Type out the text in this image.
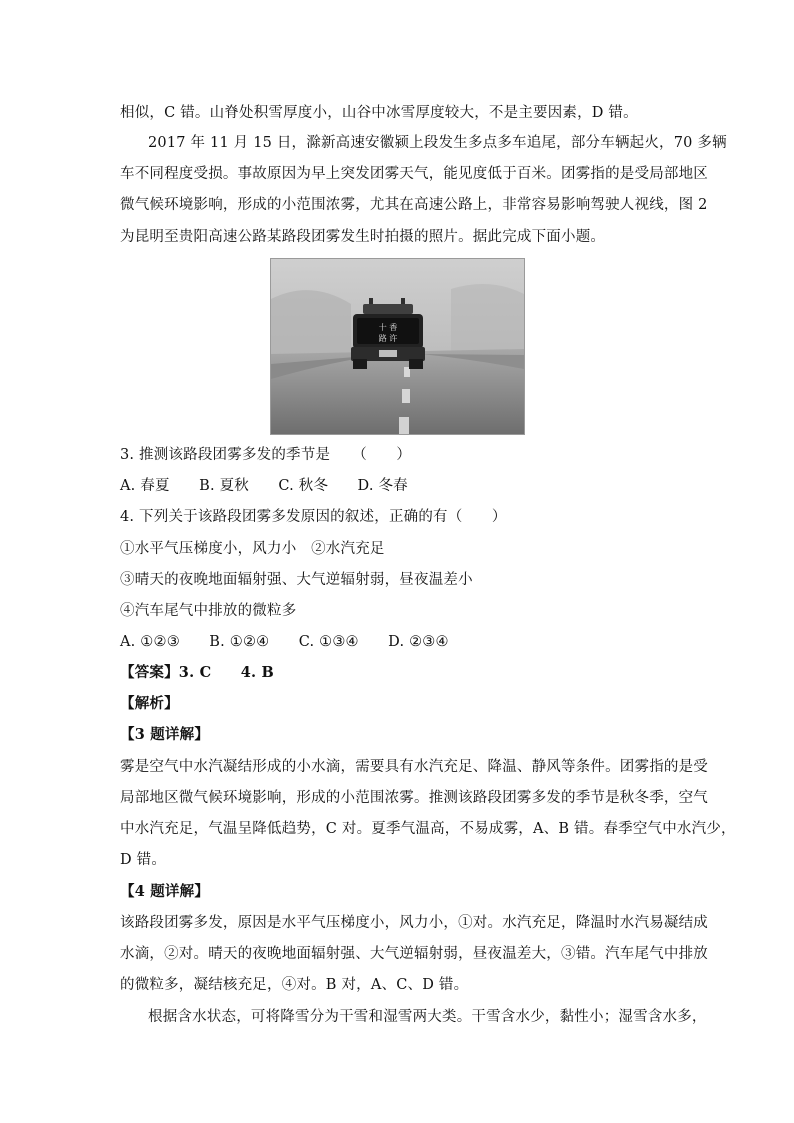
相似，C 错。山脊处积雪厚度小，山谷中冰雪厚度较大，不是主要因素，D 错。
2017 年 11 月 15 日，滁新高速安徽颍上段发生多点多车追尾，部分车辆起火，70 多辆
车不同程度受损。事故原因为早上突发团雾天气，能见度低于百米。团雾指的是受局部地区
微气候环境影响，形成的小范围浓雾，尤其在高速公路上，非常容易影响驾驶人视线，图 2
为昆明至贵阳高速公路某路段团雾发生时拍摄的照片。据此完成下面小题。
十 香
路 许
3. 推测该路段团雾多发的季节是　　（　　）
A. 春夏　　B. 夏秋　　C. 秋冬　　D. 冬春
4. 下列关于该路段团雾多发原因的叙述，正确的有（　　）
①水平气压梯度小，风力小　②水汽充足
③晴天的夜晚地面辐射强、大气逆辐射弱，昼夜温差小
④汽车尾气中排放的微粒多
A. ①②③　　B. ①②④　　C. ①③④　　D. ②③④
【答案】3. C　　4. B
【解析】
【3 题详解】
雾是空气中水汽凝结形成的小水滴，需要具有水汽充足、降温、静风等条件。团雾指的是受
局部地区微气候环境影响，形成的小范围浓雾。推测该路段团雾多发的季节是秋冬季，空气
中水汽充足，气温呈降低趋势，C 对。夏季气温高，不易成雾，A、B 错。春季空气中水汽少，
D 错。
【4 题详解】
该路段团雾多发，原因是水平气压梯度小，风力小，①对。水汽充足，降温时水汽易凝结成
水滴，②对。晴天的夜晚地面辐射强、大气逆辐射弱，昼夜温差大，③错。汽车尾气中排放
的微粒多，凝结核充足，④对。B 对，A、C、D 错。
根据含水状态，可将降雪分为干雪和湿雪两大类。干雪含水少，黏性小；湿雪含水多，
